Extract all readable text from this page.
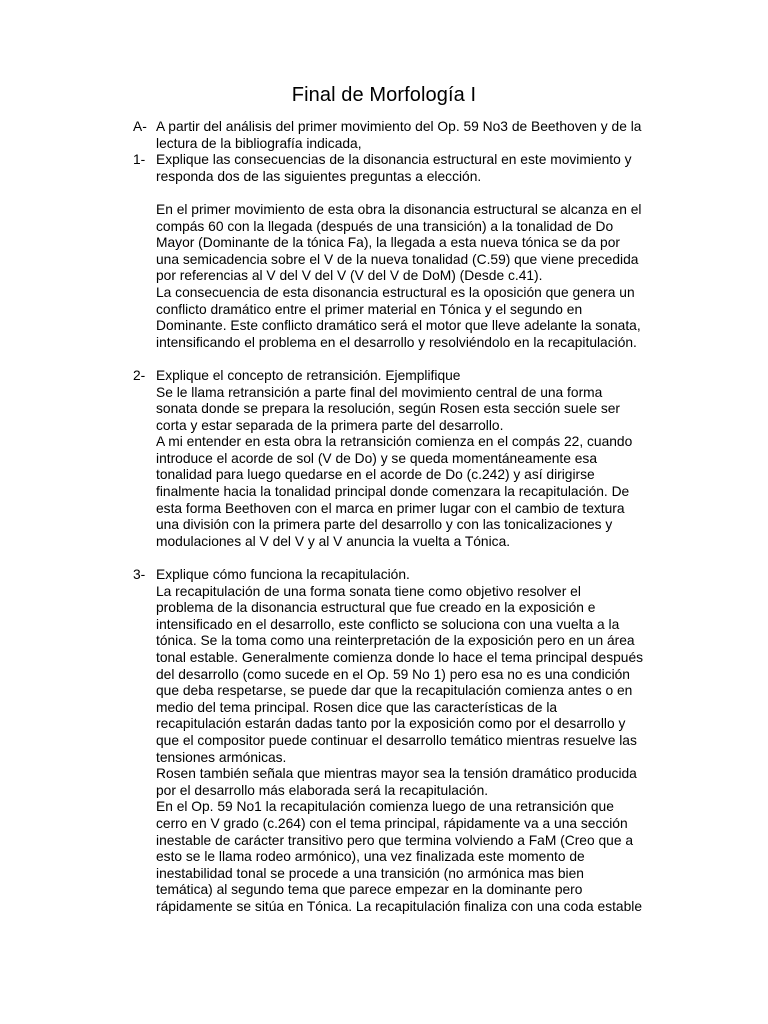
Final de Morfología I
A- A partir del análisis del primer movimiento del Op. 59 No3 de Beethoven y de la
lectura de la bibliografía indicada,
1- Explique las consecuencias de la disonancia estructural en este movimiento y
responda dos de las siguientes preguntas a elección.
En el primer movimiento de esta obra la disonancia estructural se alcanza en el
compás 60 con la llegada (después de una transición) a la tonalidad de Do
Mayor (Dominante de la tónica Fa), la llegada a esta nueva tónica se da por
una semicadencia sobre el V de la nueva tonalidad (C.59) que viene precedida
por referencias al V del V del V (V del V de DoM) (Desde c.41).
La consecuencia de esta disonancia estructural es la oposición que genera un
conflicto dramático entre el primer material en Tónica y el segundo en
Dominante. Este conflicto dramático será el motor que lleve adelante la sonata,
intensificando el problema en el desarrollo y resolviéndolo en la recapitulación.
2- Explique el concepto de retransición. Ejemplifique
Se le llama retransición a parte final del movimiento central de una forma
sonata donde se prepara la resolución, según Rosen esta sección suele ser
corta y estar separada de la primera parte del desarrollo.
A mi entender en esta obra la retransición comienza en el compás 22, cuando
introduce el acorde de sol (V de Do) y se queda momentáneamente esa
tonalidad para luego quedarse en el acorde de Do (c.242) y así dirigirse
finalmente hacia la tonalidad principal donde comenzara la recapitulación. De
esta forma Beethoven con el marca en primer lugar con el cambio de textura
una división con la primera parte del desarrollo y con las tonicalizaciones y
modulaciones al V del V y al V anuncia la vuelta a Tónica.
3- Explique cómo funciona la recapitulación.
La recapitulación de una forma sonata tiene como objetivo resolver el
problema de la disonancia estructural que fue creado en la exposición e
intensificado en el desarrollo, este conflicto se soluciona con una vuelta a la
tónica. Se la toma como una reinterpretación de la exposición pero en un área
tonal estable. Generalmente comienza donde lo hace el tema principal después
del desarrollo (como sucede en el Op. 59 No 1) pero esa no es una condición
que deba respetarse, se puede dar que la recapitulación comienza antes o en
medio del tema principal. Rosen dice que las características de la
recapitulación estarán dadas tanto por la exposición como por el desarrollo y
que el compositor puede continuar el desarrollo temático mientras resuelve las
tensiones armónicas.
Rosen también señala que mientras mayor sea la tensión dramático producida
por el desarrollo más elaborada será la recapitulación.
En el Op. 59 No1 la recapitulación comienza luego de una retransición que
cerro en V grado (c.264) con el tema principal, rápidamente va a una sección
inestable de carácter transitivo pero que termina volviendo a FaM (Creo que a
esto se le llama rodeo armónico), una vez finalizada este momento de
inestabilidad tonal se procede a una transición (no armónica mas bien
temática) al segundo tema que parece empezar en la dominante pero
rápidamente se sitúa en Tónica. La recapitulación finaliza con una coda estable
